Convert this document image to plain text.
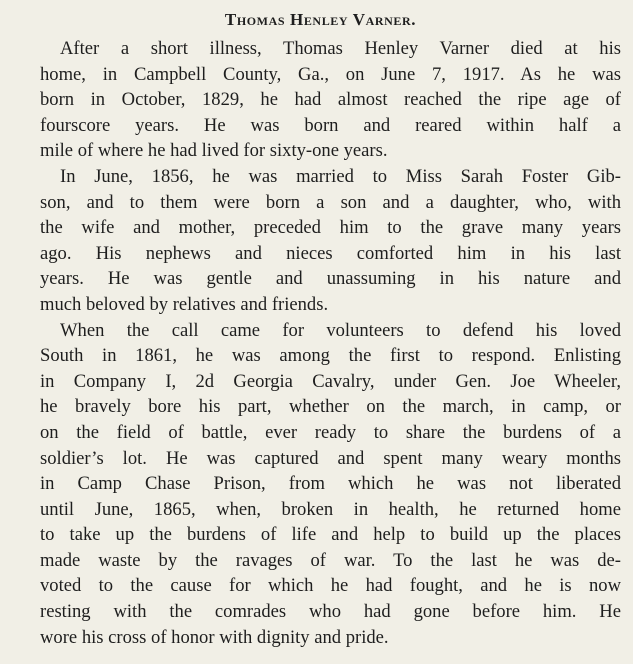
Thomas Henley Varner.
After a short illness, Thomas Henley Varner died at his
home, in Campbell County, Ga., on June 7, 1917. As he was
born in October, 1829, he had almost reached the ripe age of
fourscore years. He was born and reared within half a
mile of where he had lived for sixty-one years.
In June, 1856, he was married to Miss Sarah Foster Gib-
son, and to them were born a son and a daughter, who, with
the wife and mother, preceded him to the grave many years
ago. His nephews and nieces comforted him in his last
years. He was gentle and unassuming in his nature and
much beloved by relatives and friends.
When the call came for volunteers to defend his loved
South in 1861, he was among the first to respond. Enlisting
in Company I, 2d Georgia Cavalry, under Gen. Joe Wheeler,
he bravely bore his part, whether on the march, in camp, or
on the field of battle, ever ready to share the burdens of a
soldier’s lot. He was captured and spent many weary months
in Camp Chase Prison, from which he was not liberated
until June, 1865, when, broken in health, he returned home
to take up the burdens of life and help to build up the places
made waste by the ravages of war. To the last he was de-
voted to the cause for which he had fought, and he is now
resting with the comrades who had gone before him. He
wore his cross of honor with dignity and pride.
